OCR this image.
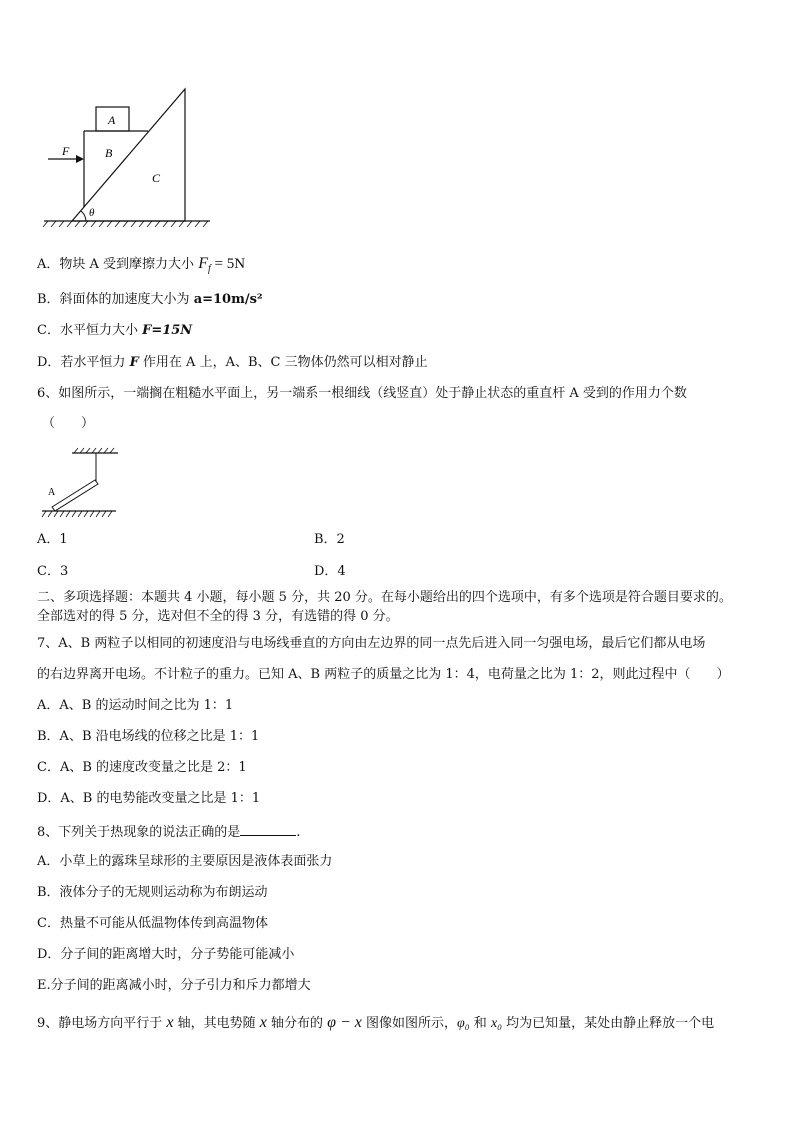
A
B
C
F
θ
A．物块 A 受到摩擦力大小 $F_f = 5N$
B．斜面体的加速度大小为 a=10m/s²
C．水平恒力大小 F=15N
D．若水平恒力 F 作用在 A 上，A、B、C 三物体仍然可以相对静止
6、如图所示，一端搁在粗糙水平面上，另一端系一根细线（线竖直）处于静止状态的重直杆 A 受到的作用力个数
（　　）
A
A．1	B．2
C．3	D．4
二、多项选择题：本题共 4 小题，每小题 5 分，共 20 分。在每小题给出的四个选项中，有多个选项是符合题目要求的。
全部选对的得 5 分，选对但不全的得 3 分，有选错的得 0 分。
7、A、B 两粒子以相同的初速度沿与电场线垂直的方向由左边界的同一点先后进入同一匀强电场，最后它们都从电场
的右边界离开电场。不计粒子的重力。已知 A、B 两粒子的质量之比为 1：4，电荷量之比为 1：2，则此过程中（　　）
A．A、B 的运动时间之比为 1：1
B．A、B 沿电场线的位移之比是 1：1
C．A、B 的速度改变量之比是 2：1
D．A、B 的电势能改变量之比是 1：1
8、下列关于热现象的说法正确的是	.
A．小草上的露珠呈球形的主要原因是液体表面张力
B．液体分子的无规则运动称为布朗运动
C．热量不可能从低温物体传到高温物体
D．分子间的距离增大时，分子势能可能减小
E.分子间的距离减小时，分子引力和斥力都增大
9、静电场方向平行于 x 轴，其电势随 x 轴分布的 φ − x 图像如图所示，φ₀ 和 x₀ 均为已知量，某处由静止释放一个电
